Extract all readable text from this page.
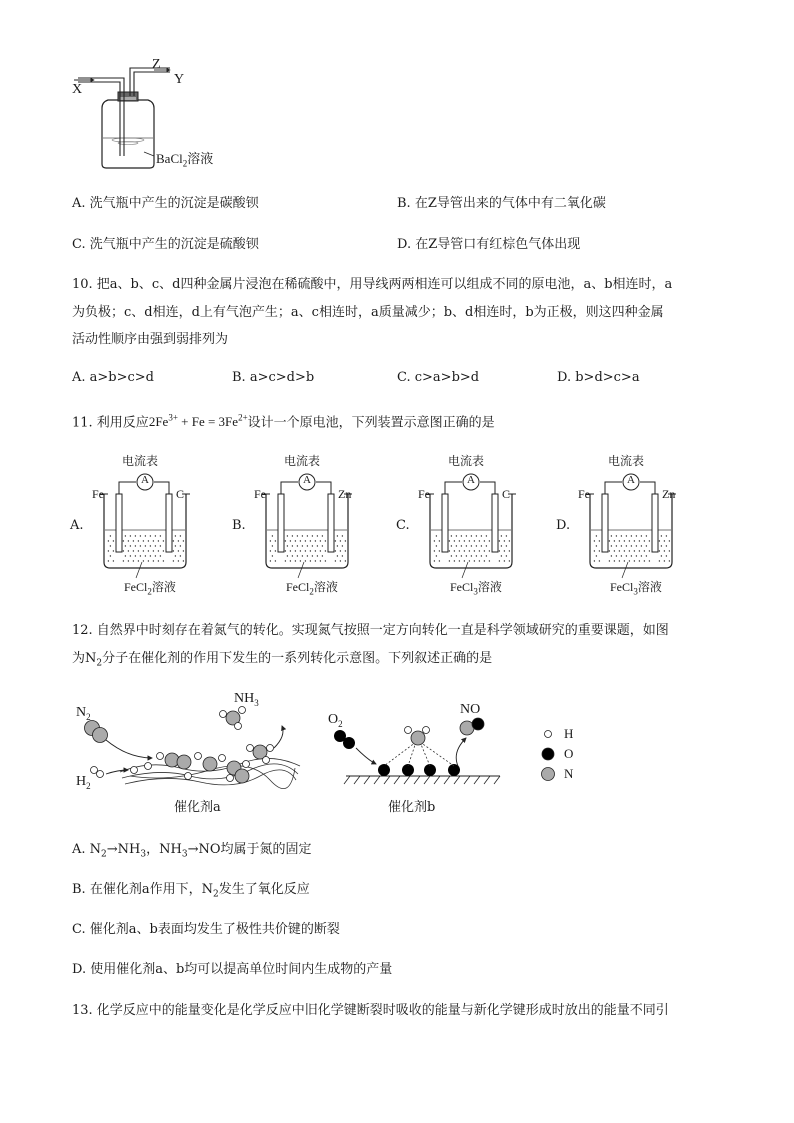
X
Z
Y
BaCl$_2$溶液
A. 洗气瓶中产生的沉淀是碳酸钡	B. 在Z导管出来的气体中有二氧化碳
C. 洗气瓶中产生的沉淀是硫酸钡	D. 在Z导管口有红棕色气体出现
10. 把a、b、c、d四种金属片浸泡在稀硫酸中，用导线两两相连可以组成不同的原电池，a、b相连时，a
为负极；c、d相连，d上有气泡产生；a、c相连时，a质量减少；b、d相连时，b为正极，则这四种金属
活动性顺序由强到弱排列为
A. a>b>c>d	B. a>c>d>b	C. c>a>b>d	D. b>d>c>a
11. 利用反应$2Fe^{3+} + Fe = 3Fe^{2+}$设计一个原电池，下列装置示意图正确的是
A.
电流表
A
Fe	C
FeCl$_2$溶液
B.
电流表
A
Fe	Zn
FeCl$_2$溶液
C.
电流表
A
Fe	C
FeCl$_3$溶液
D.
电流表
A
Fe	Zn
FeCl$_3$溶液
12. 自然界中时刻存在着氮气的转化。实现氮气按照一定方向转化一直是科学领域研究的重要课题，如图
为$N_2$分子在催化剂的作用下发生的一系列转化示意图。下列叙述正确的是
$N_2$
$H_2$
$NH_3$
$O_2$
NO
催化剂a	催化剂b
H
O
N
A. $N_2\to NH_3$，$NH_3\to NO$均属于氮的固定
B. 在催化剂a作用下，$N_2$发生了氧化反应
C. 催化剂a、b表面均发生了极性共价键的断裂
D. 使用催化剂a、b均可以提高单位时间内生成物的产量
13. 化学反应中的能量变化是化学反应中旧化学键断裂时吸收的能量与新化学键形成时放出的能量不同引
